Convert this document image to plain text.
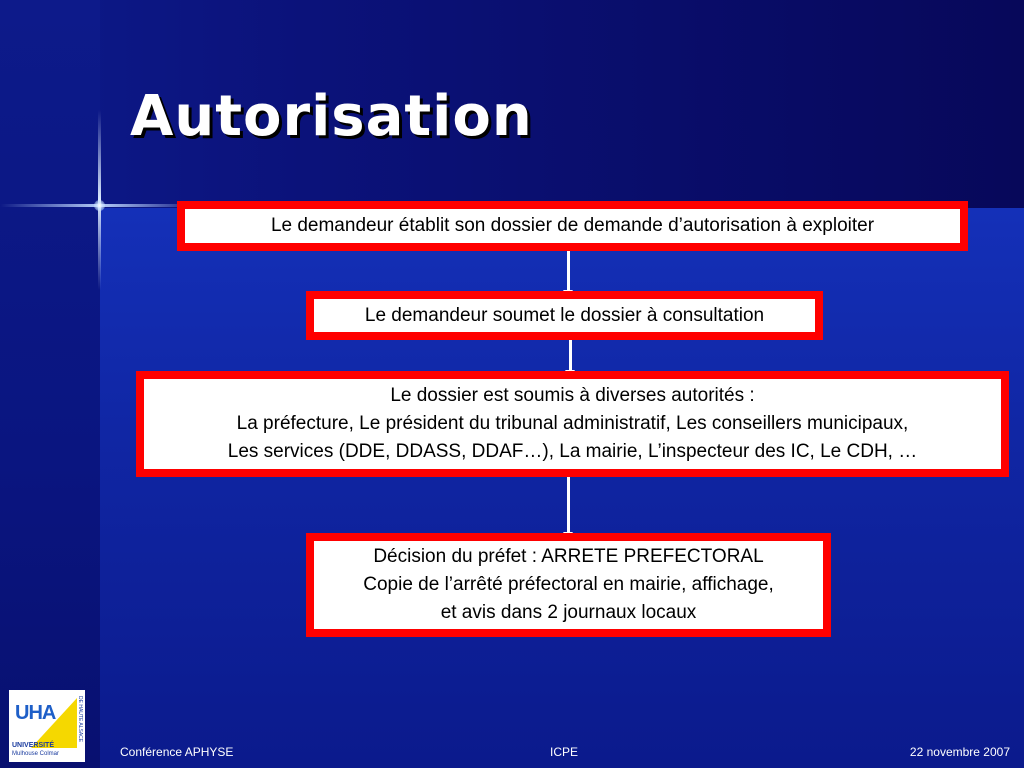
Autorisation
Le demandeur établit son dossier de demande d’autorisation à exploiter
Le demandeur soumet le dossier à consultation
Le dossier est soumis à diverses autorités :
La préfecture, Le président du tribunal administratif, Les conseillers municipaux,
Les services (DDE, DDASS, DDAF…), La mairie, L’inspecteur des IC, Le CDH, …
Décision du préfet : ARRETE PREFECTORAL
Copie de l’arrêté préfectoral en mairie, affichage,
et avis dans 2 journaux locaux
UHA
UNIVERSITÉ
Mulhouse Colmar
DE HAUTE ALSACE
Conférence APHYSE	ICPE	22 novembre 2007
